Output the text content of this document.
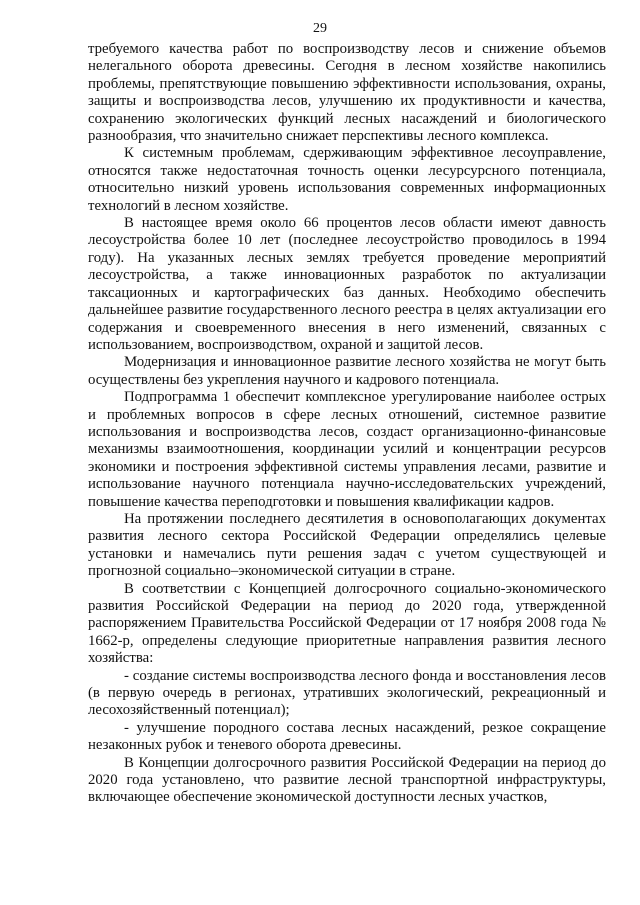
29

требуемого качества работ по воспроизводству лесов и снижение объемов нелегального оборота древесины. Сегодня в лесном хозяйстве накопились проблемы, препятствующие повышению эффективности использования, охраны, защиты и воспроизводства лесов, улучшению их продуктивности и качества, сохранению экологических функций лесных насаждений и биологического разнообразия, что значительно снижает перспективы лесного комплекса.

К системным проблемам, сдерживающим эффективное лесоуправление, относятся также недостаточная точность оценки лесурсурсного потенциала, относительно низкий уровень использования современных информационных технологий в лесном хозяйстве.

В настоящее время около 66 процентов лесов области имеют давность лесоустройства более 10 лет (последнее лесоустройство проводилось в 1994 году). На указанных лесных землях требуется проведение мероприятий лесоустройства, а также инновационных разработок по актуализации таксационных и картографических баз данных. Необходимо обеспечить дальнейшее развитие государственного лесного реестра в целях актуализации его содержания и своевременного внесения в него изменений, связанных с использованием, воспроизводством, охраной и защитой лесов.

Модернизация и инновационное развитие лесного хозяйства не могут быть осуществлены без укрепления научного и кадрового потенциала.

Подпрограмма 1 обеспечит комплексное урегулирование наиболее острых и проблемных вопросов в сфере лесных отношений, системное развитие использования и воспроизводства лесов, создаст организационно-финансовые механизмы взаимоотношения, координации усилий и концентрации ресурсов экономики и построения эффективной системы управления лесами, развитие и использование научного потенциала научно-исследовательских учреждений, повышение качества переподготовки и повышения квалификации кадров.

На протяжении последнего десятилетия в основополагающих документах развития лесного сектора Российской Федерации определялись целевые установки и намечались пути решения задач с учетом существующей и прогнозной социально–экономической ситуации в стране.

В соответствии с Концепцией долгосрочного социально-экономического развития Российской Федерации на период до 2020 года, утвержденной распоряжением Правительства Российской Федерации от 17 ноября 2008 года № 1662-р, определены следующие приоритетные направления развития лесного хозяйства:

- создание системы воспроизводства лесного фонда и восстановления лесов (в первую очередь в регионах, утративших экологический, рекреационный и лесохозяйственный потенциал);

- улучшение породного состава лесных насаждений, резкое сокращение незаконных рубок и теневого оборота древесины.

В Концепции долгосрочного развития Российской Федерации на период до 2020 года установлено, что развитие лесной транспортной инфраструктуры, включающее обеспечение экономической доступности лесных участков,
